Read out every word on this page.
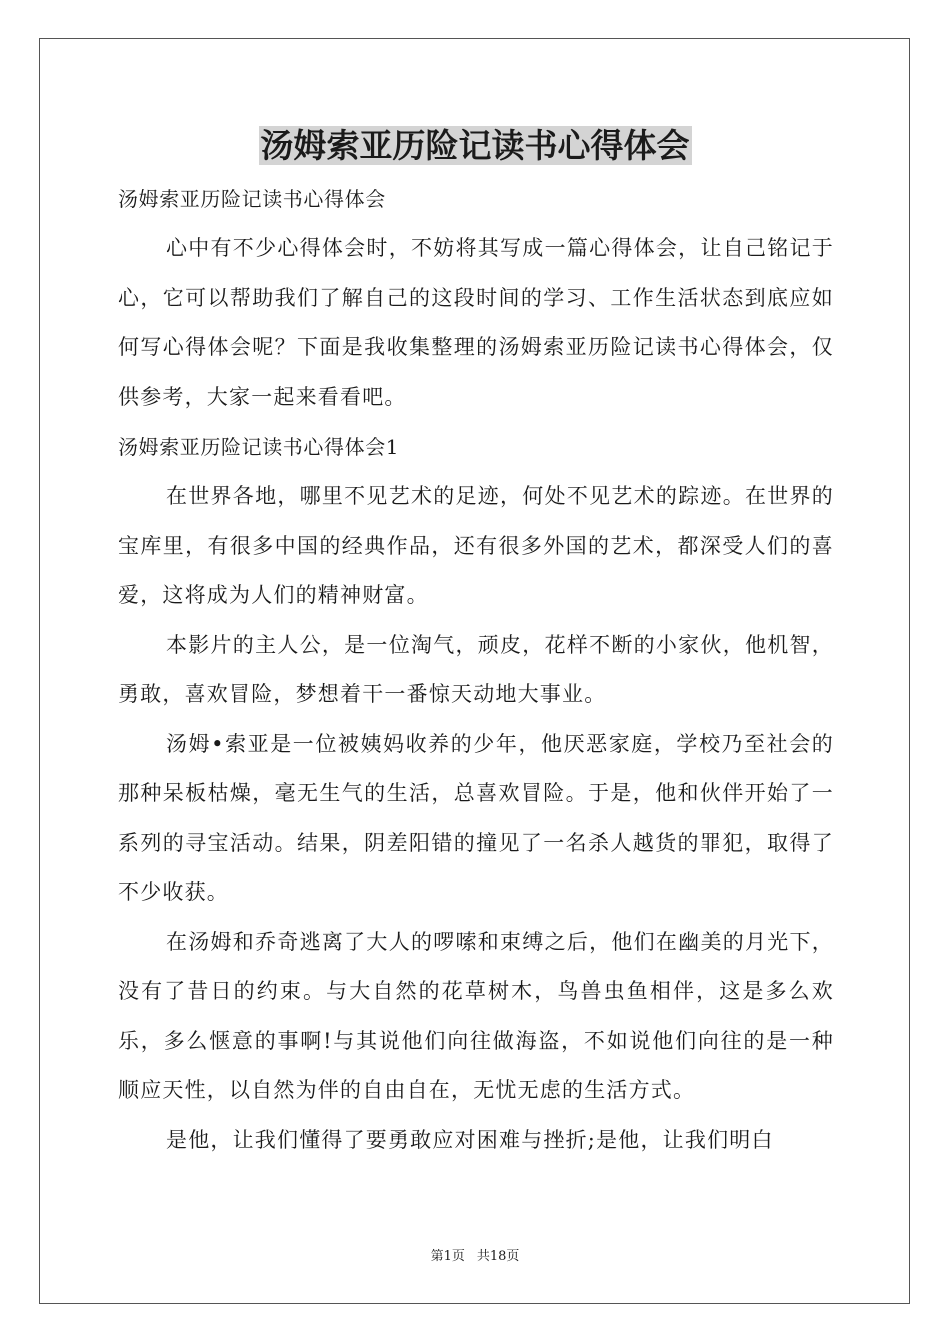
汤姆索亚历险记读书心得体会
汤姆索亚历险记读书心得体会

心中有不少心得体会时，不妨将其写成一篇心得体会，让自己铭记于心，它可以帮助我们了解自己的这段时间的学习、工作生活状态到底应如何写心得体会呢？下面是我收集整理的汤姆索亚历险记读书心得体会，仅供参考，大家一起来看看吧。

汤姆索亚历险记读书心得体会1

在世界各地，哪里不见艺术的足迹，何处不见艺术的踪迹。在世界的宝库里，有很多中国的经典作品，还有很多外国的艺术，都深受人们的喜爱，这将成为人们的精神财富。

本影片的主人公，是一位淘气，顽皮，花样不断的小家伙，他机智，勇敢，喜欢冒险，梦想着干一番惊天动地大事业。

汤姆•索亚是一位被姨妈收养的少年，他厌恶家庭，学校乃至社会的那种呆板枯燥，毫无生气的生活，总喜欢冒险。于是，他和伙伴开始了一系列的寻宝活动。结果，阴差阳错的撞见了一名杀人越货的罪犯，取得了不少收获。

在汤姆和乔奇逃离了大人的啰嗦和束缚之后，他们在幽美的月光下，没有了昔日的约束。与大自然的花草树木，鸟兽虫鱼相伴，这是多么欢乐，多么惬意的事啊!与其说他们向往做海盗，不如说他们向往的是一种顺应天性，以自然为伴的自由自在，无忧无虑的生活方式。

是他，让我们懂得了要勇敢应对困难与挫折;是他，让我们明白

第1页 共18页
